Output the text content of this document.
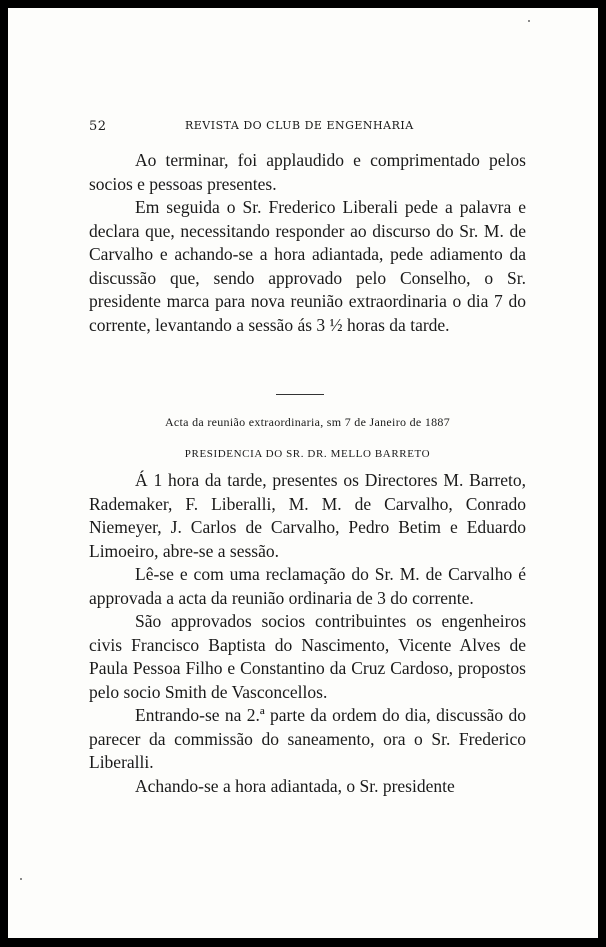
52	REVISTA DO CLUB DE ENGENHARIA

Ao terminar, foi applaudido e comprimentado pelos socios e pessoas presentes.

Em seguida o Sr. Frederico Liberali pede a palavra e declara que, necessitando responder ao discurso do Sr. M. de Carvalho e achando-se a hora adiantada, pede adiamento da discussão que, sendo approvado pelo Conselho, o Sr. presidente marca para nova reunião extraordinaria o dia 7 do corrente, levantando a sessão ás 3 ½ horas da tarde.

Acta da reunião extraordinaria, sm 7 de Janeiro de 1887
PRESIDENCIA DO SR. DR. MELLO BARRETO

Á 1 hora da tarde, presentes os Directores M. Barreto, Rademaker, F. Liberalli, M. M. de Carvalho, Conrado Niemeyer, J. Carlos de Carvalho, Pedro Betim e Eduardo Limoeiro, abre-se a sessão.

Lê-se e com uma reclamação do Sr. M. de Carvalho é approvada a acta da reunião ordinaria de 3 do corrente.

São approvados socios contribuintes os engenheiros civis Francisco Baptista do Nascimento, Vicente Alves de Paula Pessoa Filho e Constantino da Cruz Cardoso, propostos pelo socio Smith de Vasconcellos.

Entrando-se na 2.ª parte da ordem do dia, discussão do parecer da commissão do saneamento, ora o Sr. Frederico Liberalli.

Achando-se a hora adiantada, o Sr. presidente
